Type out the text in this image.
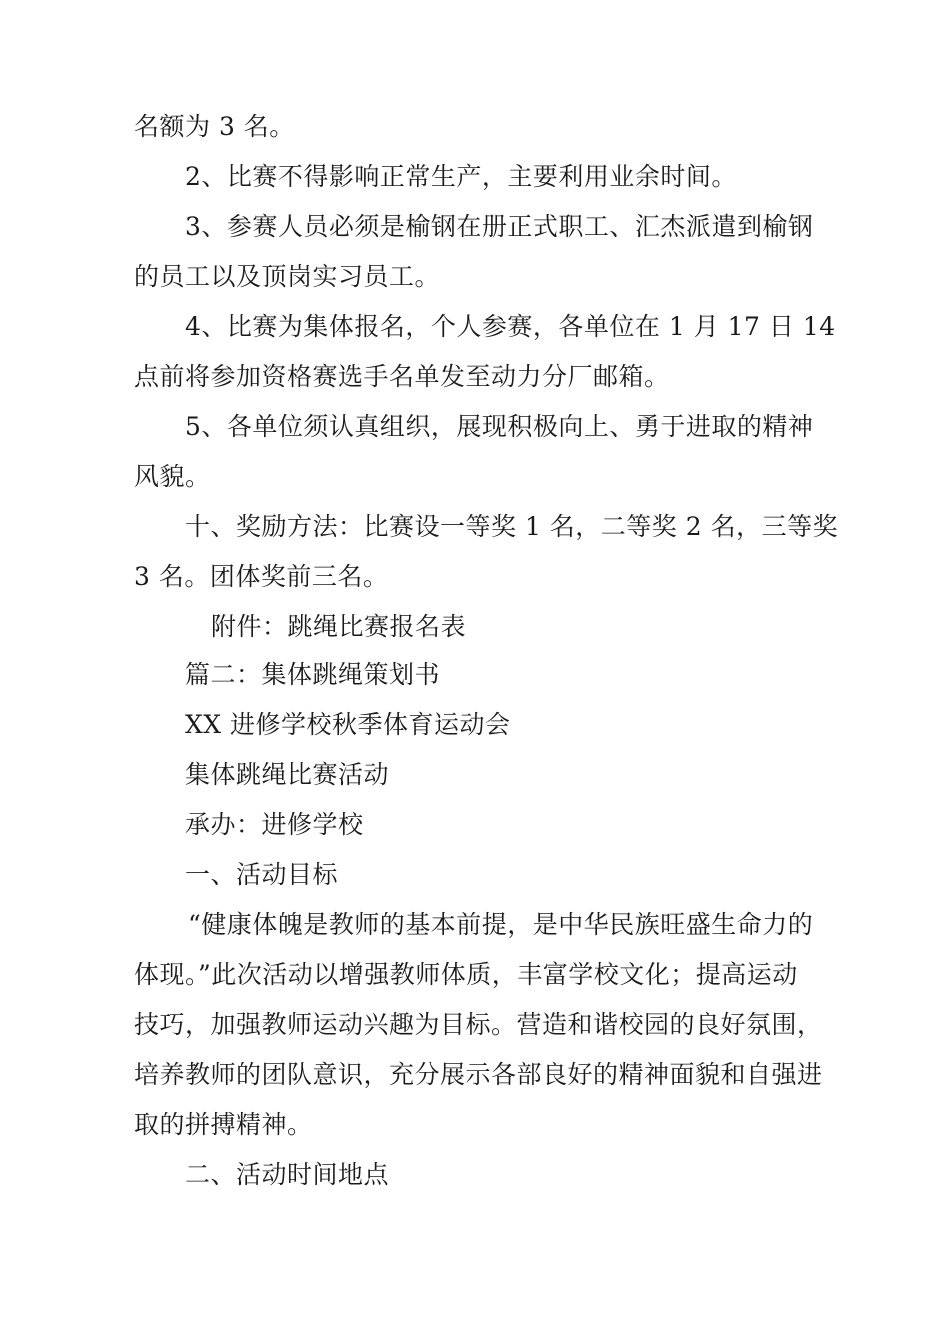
名额为 3 名。
2、比赛不得影响正常生产，主要利用业余时间。
3、参赛人员必须是榆钢在册正式职工、汇杰派遣到榆钢
的员工以及顶岗实习员工。
4、比赛为集体报名，个人参赛，各单位在 1 月 17 日 14
点前将参加资格赛选手名单发至动力分厂邮箱。
5、各单位须认真组织，展现积极向上、勇于进取的精神
风貌。
十、奖励方法：比赛设一等奖 1 名，二等奖 2 名，三等奖
3 名。团体奖前三名。
附件：跳绳比赛报名表
篇二：集体跳绳策划书
XX 进修学校秋季体育运动会
集体跳绳比赛活动
承办：进修学校
一、活动目标
“健康体魄是教师的基本前提，是中华民族旺盛生命力的
体现。”此次活动以增强教师体质，丰富学校文化；提高运动
技巧，加强教师运动兴趣为目标。营造和谐校园的良好氛围，
培养教师的团队意识，充分展示各部良好的精神面貌和自强进
取的拼搏精神。
二、活动时间地点
